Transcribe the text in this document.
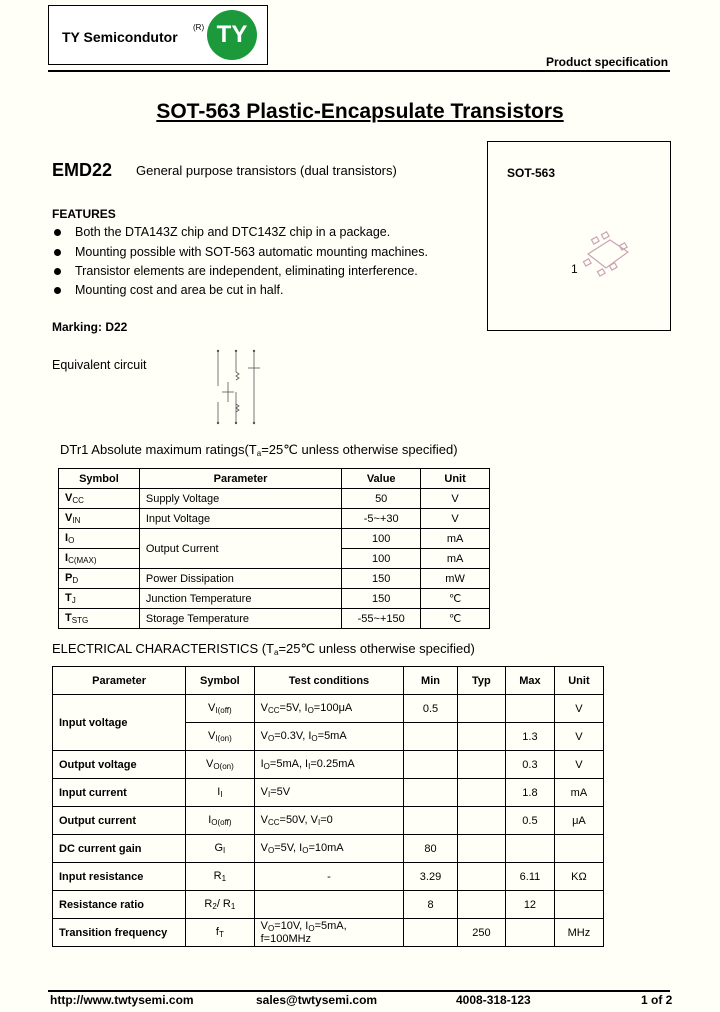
TY Semicondutor
(R) TY
Product specification
SOT-563 Plastic-Encapsulate Transistors
EMD22 General purpose transistors (dual transistors)
FEATURES
Both the DTA143Z chip and DTC143Z chip in a package.
Mounting possible with SOT-563 automatic mounting machines.
Transistor elements are independent, eliminating interference.
Mounting cost and area be cut in half.
Marking: D22
Equivalent circuit
SOT-563
1
DTr1 Absolute maximum $ratings(T_a=25℃$ unless otherwise specified)
Symbol	Parameter	Value	Unit
$V_{CC}$	Supply Voltage	50	V
$V_{IN}$	Input Voltage	-5~+30	V
$I_O$	Output Current	100	mA
$I_{C(MAX)}$		100	mA
$P_D$	Power Dissipation	150	mW
$T_J$	Junction Temperature	150	℃
$T_{STG}$	Storage Temperature	-55~+150	℃
ELECTRICAL CHARACTERISTICS ($T_a=25℃$ unless otherwise specified)
Parameter	Symbol	Test conditions	Min	Typ	Max	Unit
Input voltage	$V_{I(off)}$	$V_{CC}=5V$, $I_O=100\mu A$	0.5			V
	$V_{I(on)}$	$V_O=0.3V$, $I_O=5mA$			1.3	V
Output voltage	$V_{O(on)}$	$I_O=5mA$, $I_I=0.25mA$			0.3	V
Input current	$I_I$	$V_I=5V$			1.8	mA
Output current	$I_{O(off)}$	$V_{CC}=50V$, $V_I=0$			0.5	μA
DC current gain	$G_I$	$V_O=5V$, $I_O=10mA$	80			
Input resistance	$R_1$	-	3.29		6.11	KΩ
Resistance ratio	$R_2/$ $R_1$		8		12	
Transition frequency	$f_T$	$V_O=10V$, $I_O=5mA$, f=100MHz		250		MHz
http://www.twtysemi.com	sales@twtysemi.com	4008-318-123	1 of 2
